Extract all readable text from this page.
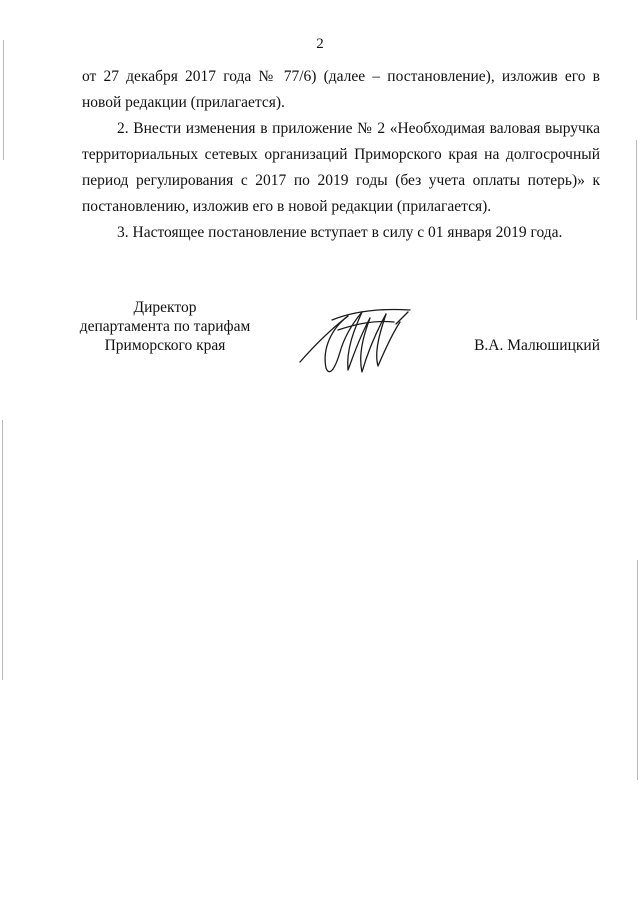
2

от 27 декабря 2017 года № 77/6) (далее – постановление), изложив его в новой редакции (прилагается).

2. Внести изменения в приложение № 2 «Необходимая валовая выручка территориальных сетевых организаций Приморского края на долгосрочный период регулирования с 2017 по 2019 годы (без учета оплаты потерь)» к постановлению, изложив его в новой редакции (прилагается).

3. Настоящее постановление вступает в силу с 01 января 2019 года.

Директор
департамента по тарифам
Приморского края	В.А. Малюшицкий
